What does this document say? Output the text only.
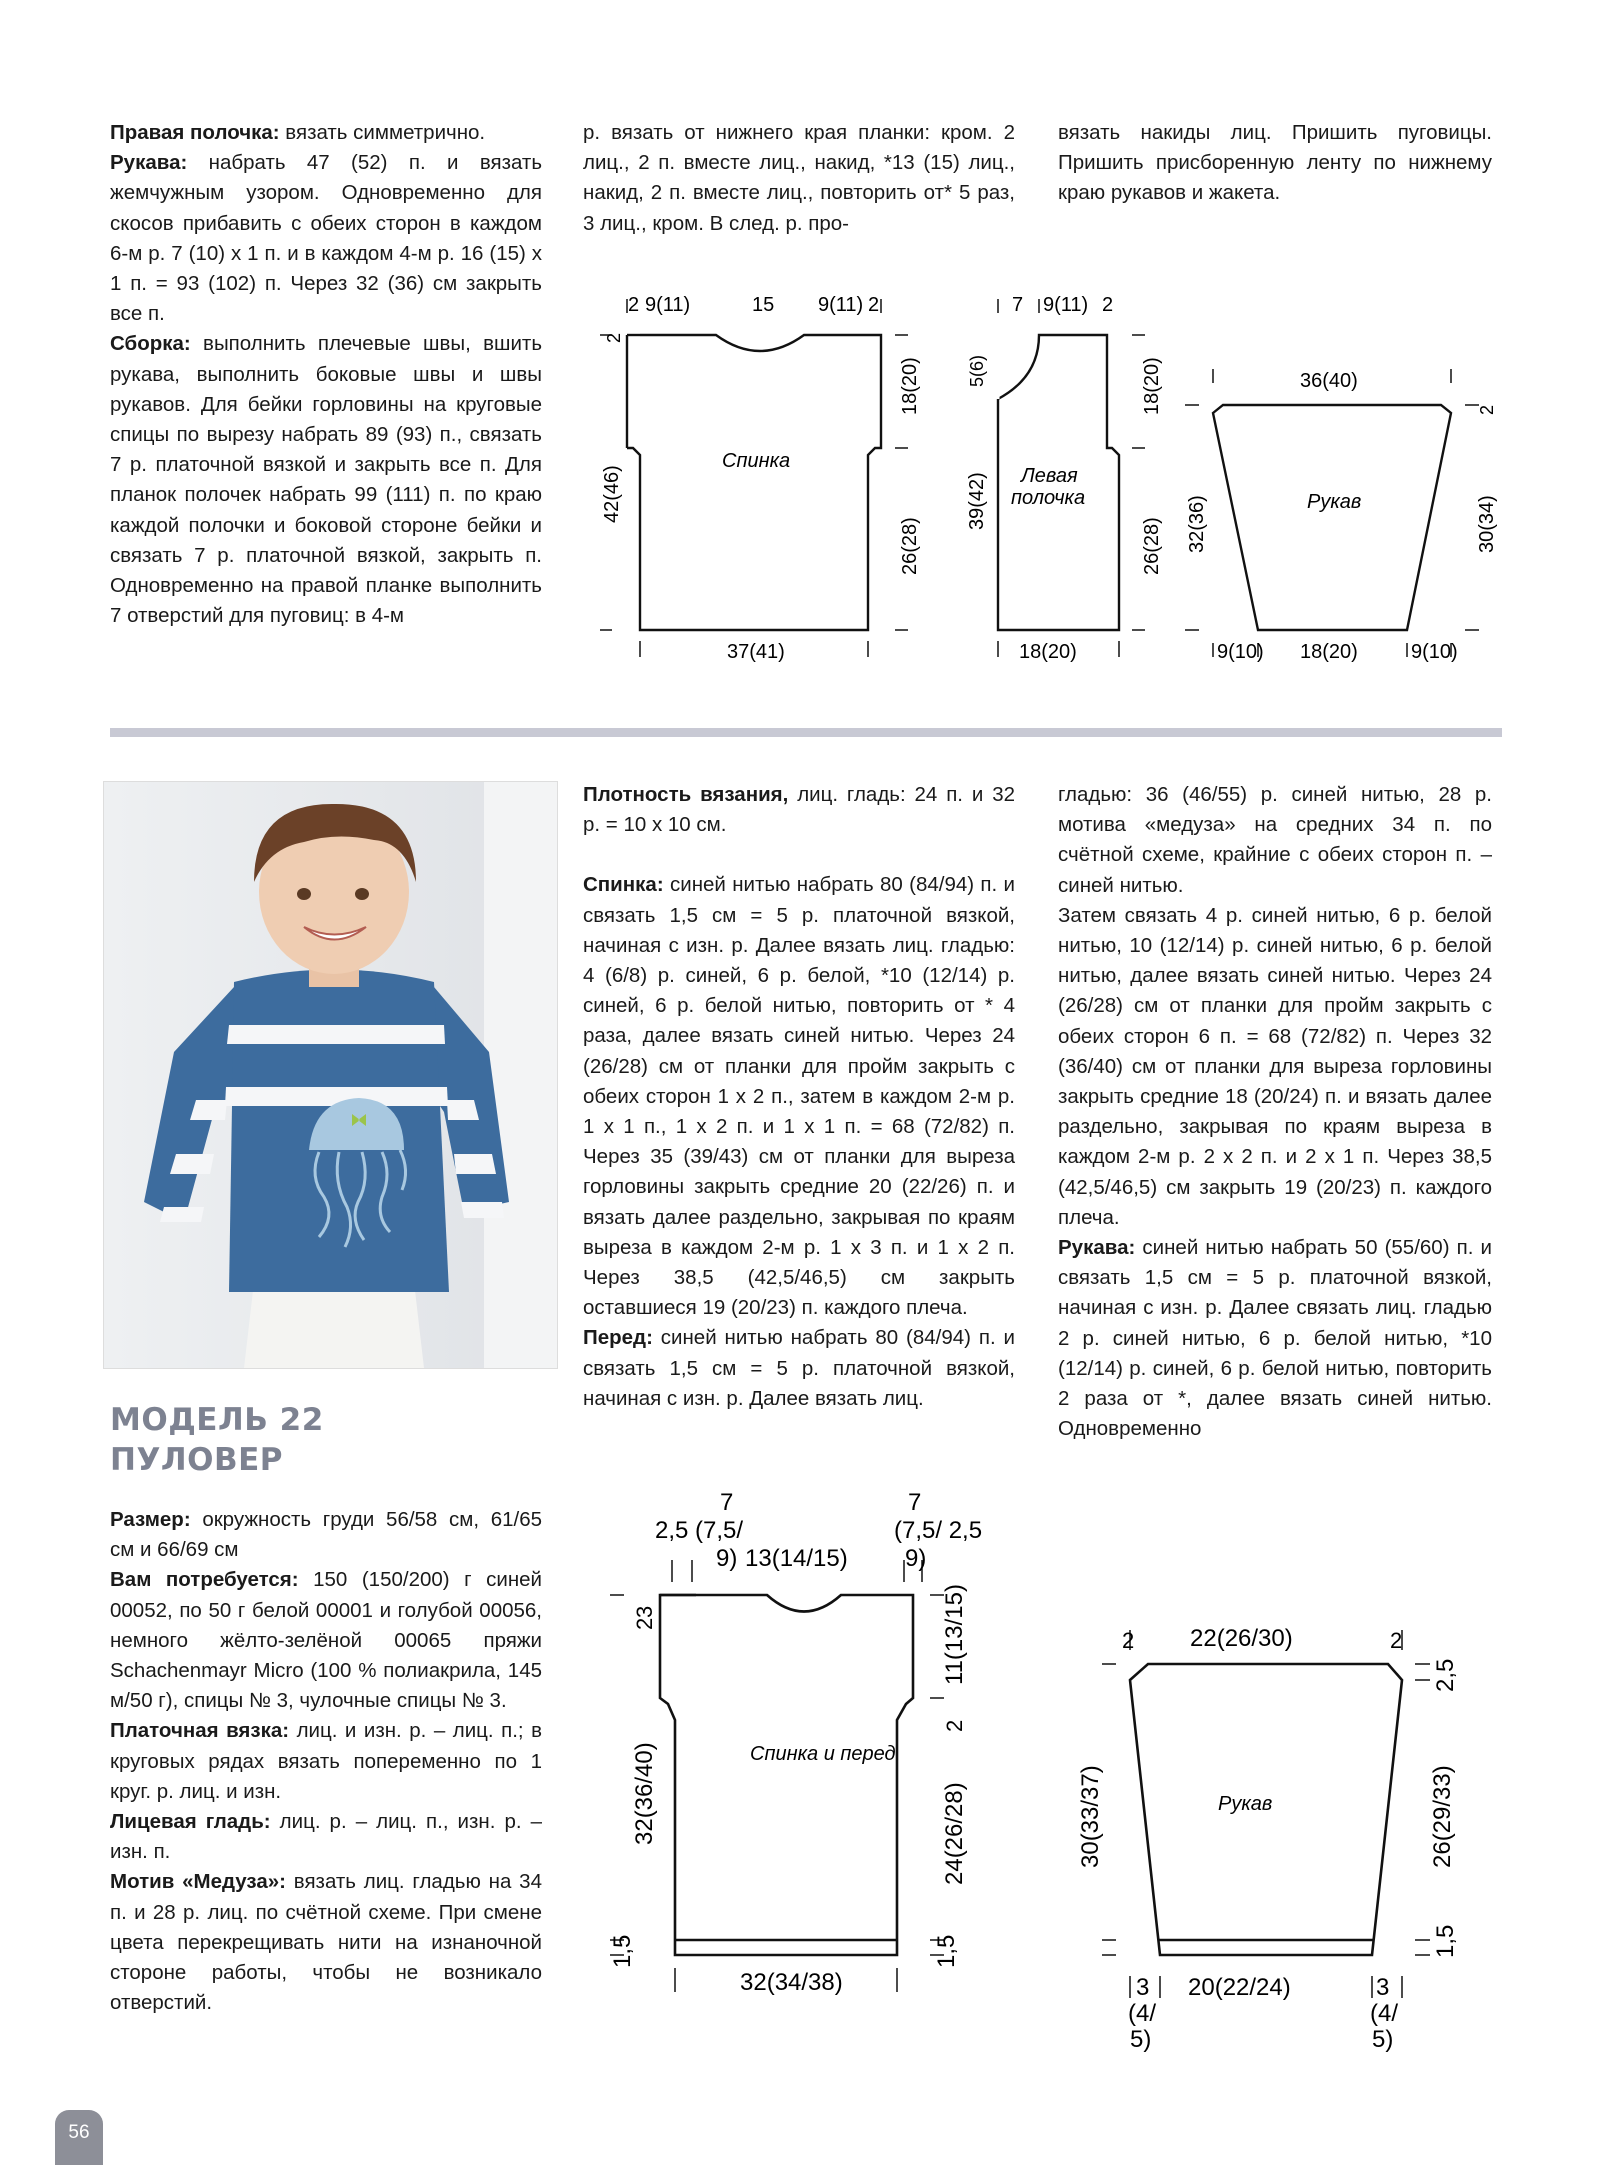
Правая полочка: вязать симметрично.

Рукава: набрать 47 (52) п. и вязать жемчужным узором. Одновременно для скосов прибавить с обеих сторон в каждом 6-м р. 7 (10) х 1 п. и в каждом 4-м р. 16 (15) х 1 п. = 93 (102) п. Через 32 (36) см закрыть все п.

Сборка: выполнить плечевые швы, вшить рукава, выполнить боковые швы и швы рукавов. Для бейки горловины на круговые спицы по вырезу набрать 89 (93) п., связать 7 р. платочной вязкой и закрыть все п. Для планок полочек набрать 99 (111) п. по краю каждой полочки и боковой стороне бейки и связать 7 р. платочной вязкой, закрыть п. Одновременно на правой планке выполнить 7 отверстий для пуговиц: в 4-м

р. вязать от нижнего края планки: кром. 2 лиц., 2 п. вместе лиц., накид, *13 (15) лиц., накид, 2 п. вместе лиц., повторить от* 5 раз, 3 лиц., кром. В след. р. про-

вязать накиды лиц. Пришить пуговицы. Пришить присборенную ленту по нижнему краю рукавов и жакета.

2 9(11)	15 9(11) 2
2
Спинка
37(41)
42(46)
18(20)
26(28)
7 9(11) 2
5(6)
39(42) Левая
полочка
18(20)
18(20)
26(28)
36(40)
2
32(36)	30(34)
Рукав
9(10) 18(20)	9(10)
МОДЕЛЬ 22
ПУЛОВЕР

Размер: окружность груди 56/58 см, 61/65 см и 66/69 см

Вам потребуется: 150 (150/200) г синей 00052, по 50 г белой 00001 и голубой 00056, немного жёлто-зелёной 00065 пряжи Schachenmayr Micro (100 % полиакрила, 145 м/50 г), спицы № 3, чулочные спицы № 3.

Платочная вязка: лиц. и изн. р. – лиц. п.; в круговых рядах вязать попеременно по 1 круг. р. лиц. и изн.

Лицевая гладь: лиц. р. – лиц. п., изн. р. – изн. п.

Мотив «Медуза»: вязать лиц. гладью на 34 п. и 28 р. лиц. по счётной схеме. При смене цвета перекрещивать нити на изнаночной стороне работы, чтобы не возникало отверстий.

Плотность вязания, лиц. гладь: 24 п. и 32 р. = 10 х 10 см.

Спинка: синей нитью набрать 80 (84/94) п. и связать 1,5 см = 5 р. платочной вязкой, начиная с изн. р. Далее вязать лиц. гладью: 4 (6/8) р. синей, 6 р. белой, *10 (12/14) р. синей, 6 р. белой нитью, повторить от * 4 раза, далее вязать синей нитью. Через 24 (26/28) см от планки для пройм закрыть с обеих сторон 1 х 2 п., затем в каждом 2-м р. 1 х 1 п., 1 х 2 п. и 1 х 1 п. = 68 (72/82) п. Через 35 (39/43) см от планки для выреза горловины закрыть средние 20 (22/26) п. и вязать далее раздельно, закрывая по краям выреза в каждом 2-м р. 1 х 3 п. и 1 х 2 п. Через 38,5 (42,5/46,5) см закрыть оставшиеся 19 (20/23) п. каждого плеча.

Перед: синей нитью набрать 80 (84/94) п. и связать 1,5 см = 5 р. платочной вязкой, начиная с изн. р. Далее вязать лиц.

гладью: 36 (46/55) р. синей нитью, 28 р. мотива «медуза» на средних 34 п. по счётной схеме, крайние с обеих сторон п. – синей нитью.

Затем связать 4 р. синей нитью, 6 р. белой нитью, 10 (12/14) р. синей нитью, 6 р. белой нитью, далее вязать синей нитью. Через 24 (26/28) см от планки для пройм закрыть с обеих сторон 6 п. = 68 (72/82) п. Через 32 (36/40) см от планки для выреза горловины закрыть средние 18 (20/24) п. и вязать далее раздельно, закрывая по краям выреза в каждом 2-м р. 2 х 2 п. и 2 х 1 п. Через 38,5 (42,5/46,5) см закрыть 19 (20/23) п. каждого плеча.

Рукава: синей нитью набрать 50 (55/60) п. и связать 1,5 см = 5 р. платочной вязкой, начиная с изн. р. Далее связать лиц. гладью 2 р. синей нитью, 6 р. белой нитью, *10 (12/14) р. синей, 6 р. белой нитью, повторить 2 раза от *, далее вязать синей нитью. Одновременно

7
2,5 (7,5/
9) 13(14/15)
7
(7,5/ 2,5
9)
3
2
32(36/40)	Спинка и перед
11(13/15)
2
24(26/28)
1,5	1,5
32(34/38)
2 22(26/30)	2
2,5
30(33/37)	26(29/33)
Рукав
1,5
3
(4/
5)
20(22/24)	3
(4/
5)
56
